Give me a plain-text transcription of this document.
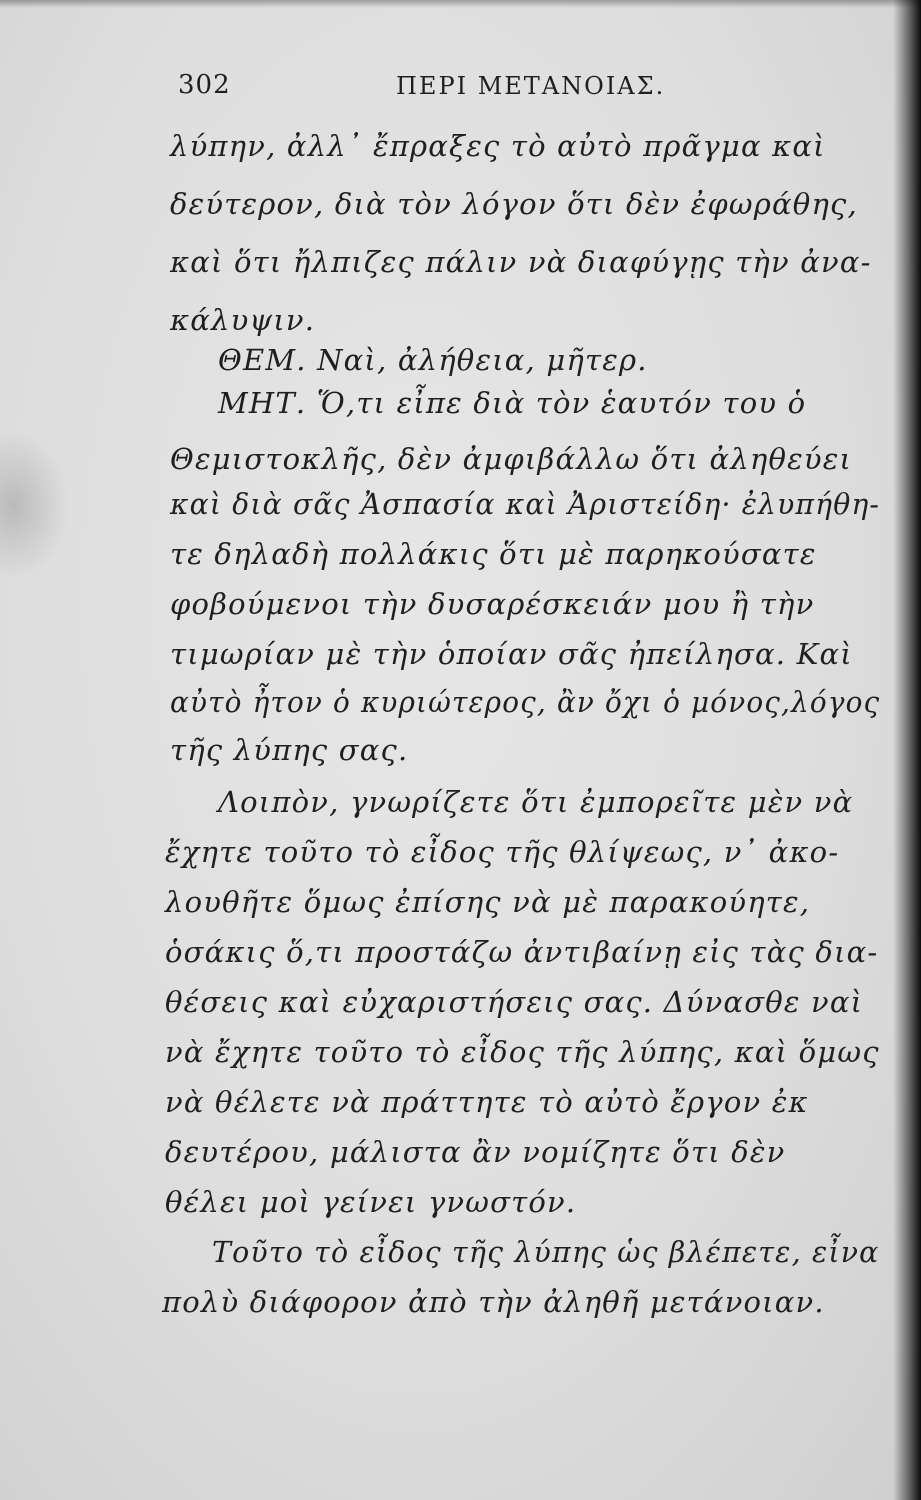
302	ΠΕΡΙ ΜΕΤΑΝΟΙΑΣ.
λύπην, ἀλλ᾽ ἔπραξες τὸ αὐτὸ πρᾶγμα καὶ
δεύτερον, διὰ τὸν λόγον ὅτι δὲν ἐφωράθης,
καὶ ὅτι ἤλπιζες πάλιν νὰ διαφύγῃς τὴν ἀνα-
κάλυψιν.
ΘΕΜ. Ναὶ, ἀλήθεια, μῆτερ.
ΜΗΤ. Ὅ,τι εἶπε διὰ τὸν ἑαυτόν του ὁ
Θεμιστοκλῆς, δὲν ἀμφιβάλλω ὅτι ἀληθεύει
καὶ διὰ σᾶς Ἀσπασία καὶ Ἀριστείδη· ἐλυπήθη-
τε δηλαδὴ πολλάκις ὅτι μὲ παρηκούσατε
φοβούμενοι τὴν δυσαρέσκειάν μου ἢ τὴν
τιμωρίαν μὲ τὴν ὁποίαν σᾶς ἠπείλησα. Καὶ
αὐτὸ ἦτον ὁ κυριώτερος, ἂν ὄχι ὁ μόνος,λόγος
τῆς λύπης σας.
Λοιπὸν, γνωρίζετε ὅτι ἐμπορεῖτε μὲν νὰ
ἔχητε τοῦτο τὸ εἶδος τῆς θλίψεως, ν᾽ ἀκο-
λουθῆτε ὅμως ἐπίσης νὰ μὲ παρακούητε,
ὁσάκις ὅ,τι προστάζω ἀντιβαίνῃ εἰς τὰς δια-
θέσεις καὶ εὐχαριστήσεις σας. Δύνασθε ναὶ
νὰ ἔχητε τοῦτο τὸ εἶδος τῆς λύπης, καὶ ὅμως
νὰ θέλετε νὰ πράττητε τὸ αὐτὸ ἔργον ἐκ
δευτέρου, μάλιστα ἂν νομίζητε ὅτι δὲν
θέλει μοὶ γείνει γνωστόν.
Τοῦτο τὸ εἶδος τῆς λύπης ὡς βλέπετε, εἶνα
πολὺ διάφορον ἀπὸ τὴν ἀληθῆ μετάνοιαν.
